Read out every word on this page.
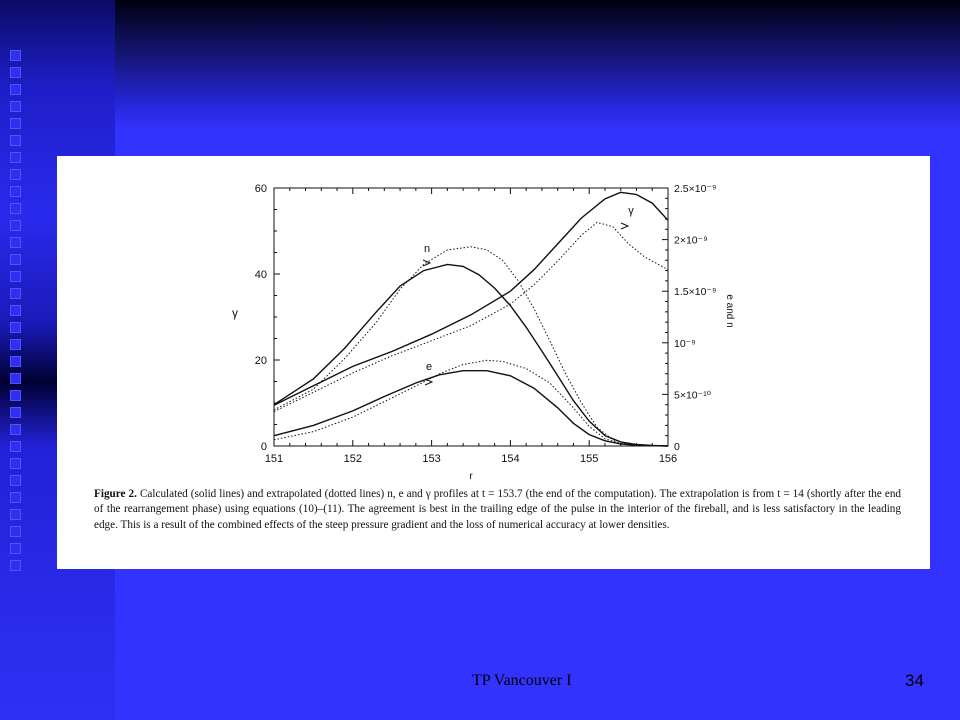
151	152	153	154	155	156
0
20
40
60
0
5×10⁻¹⁰
10⁻⁹
1.5×10⁻⁹
2×10⁻⁹
2.5×10⁻⁹
r
γ	e and n
n
e
γ
Figure 2. Calculated (solid lines) and extrapolated (dotted lines) n, e and γ profiles at t = 153.7 (the end of the computation). The extrapolation is from t = 14 (shortly after the end of the rearrangement phase) using equations (10)–(11). The agreement is best in the trailing edge of the pulse in the interior of the fireball, and is less satisfactory in the leading edge. This is a result of the combined effects of the steep pressure gradient and the loss of numerical accuracy at lower densities.
TP Vancouver I	34
